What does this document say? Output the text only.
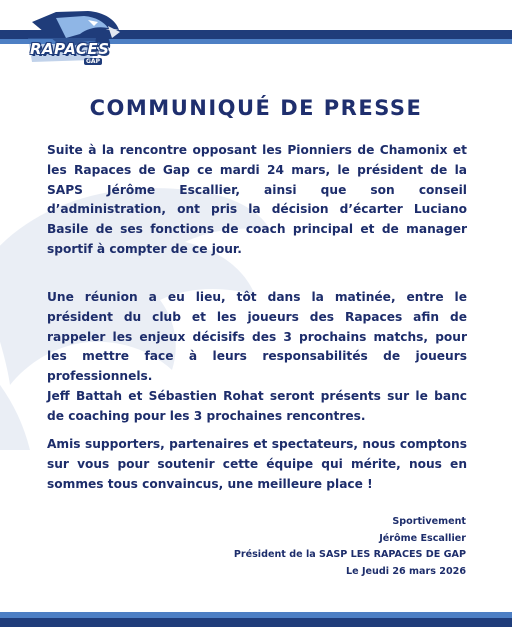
RAPACES
GAP
COMMUNIQUÉ DE PRESSE

Suite à la rencontre opposant les Pionniers de Chamonix et les Rapaces de Gap ce mardi 24 mars, le président de la SAPS Jérôme Escallier, ainsi que son conseil d’administration, ont pris la décision d’écarter Luciano Basile de ses fonctions de coach principal et de manager sportif à compter de ce jour.

Une réunion a eu lieu, tôt dans la matinée, entre le président du club et les joueurs des Rapaces afin de rappeler les enjeux décisifs des 3 prochains matchs, pour les mettre face à leurs responsabilités de joueurs professionnels.

Jeff Battah et Sébastien Rohat seront présents sur le banc de coaching pour les 3 prochaines rencontres.

Amis supporters, partenaires et spectateurs, nous comptons sur vous pour soutenir cette équipe qui mérite, nous en sommes tous convaincus, une meilleure place !

Sportivement
Jérôme Escallier
Président de la SASP LES RAPACES DE GAP
Le Jeudi 26 mars 2026
